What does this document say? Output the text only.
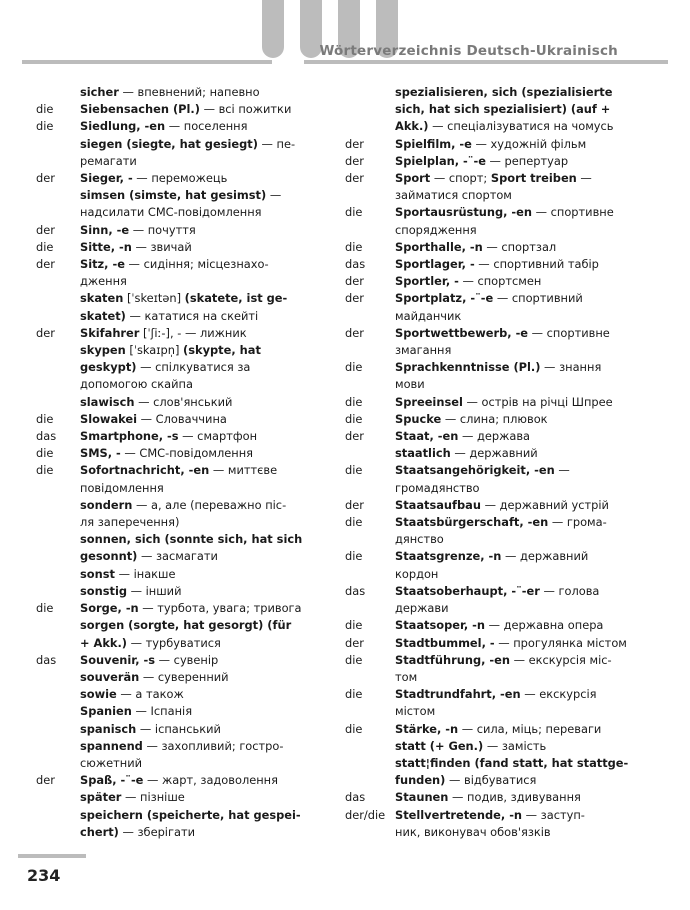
Wörterverzeichnis Deutsch-Ukrainisch
sicher — впевнений; напевно
die Siebensachen (Pl.) — всі пожитки
die Siedlung, -en — поселення
siegen (siegte, hat gesiegt) — пе-
ремагати
der Sieger, - — переможець
simsen (simste, hat gesimst) —
надсилати СМС-повідомлення
der Sinn, -e — почуття
die Sitte, -n — звичай
der Sitz, -e — сидіння; місцезнахо-
дження
skaten [ˈskeɪtən] (skatete, ist ge-
skatet) — кататися на скейті
der Skifahrer [ˈʃiː-], - — лижник
skypen [ˈskaɪpn̩] (skypte, hat
geskypt) — спілкуватися за
допомогою скайпа
slawisch — слов'янський
die Slowakei — Словаччина
das Smartphone, -s — смартфон
die SMS, - — СМС-повідомлення
die Sofortnachricht, -en — миттєве
повідомлення
sondern — а, але (переважно піс-
ля заперечення)
sonnen, sich (sonnte sich, hat sich
gesonnt) — засмагати
sonst — інакше
sonstig — інший
die Sorge, -n — турбота, увага; тривога
sorgen (sorgte, hat gesorgt) (für
+ Akk.) — турбуватися
das Souvenir, -s — сувенір
souverän — суверенний
sowie — а також
Spanien — Іспанія
spanisch — іспанський
spannend — захопливий; гостро-
сюжетний
der Spaß, -¨-e — жарт, задоволення
später — пізніше
speichern (speicherte, hat gespei-
chert) — зберігати
spezialisieren, sich (spezialisierte
sich, hat sich spezialisiert) (auf +
Akk.) — спеціалізуватися на чомусь
der	Spielfilm, -e — художній фільм
der	Spielplan, -¨-e — репертуар
der	Sport — спорт; Sport treiben —
займатися спортом
die	Sportausrüstung, -en — спортивне
спорядження
die	Sporthalle, -n — спортзал
das	Sportlager, - — спортивний табір
der	Sportler, - — спортсмен
der	Sportplatz, -¨-e — спортивний
майданчик
der	Sportwettbewerb, -e — спортивне
змагання
die	Sprachkenntnisse (Pl.) — знання
мови
die	Spreeinsel — острів на річці Шпрее
die	Spucke — слина; плювок
der	Staat, -en — держава
staatlich — державний
die	Staatsangehörigkeit, -en —
громадянство
der	Staatsaufbau — державний устрій
die	Staatsbürgerschaft, -en — грома-
дянство
die	Staatsgrenze, -n — державний
кордон
das	Staatsoberhaupt, -¨-er — голова
держави
die	Staatsoper, -n — державна опера
der	Stadtbummel, - — прогулянка містом
die	Stadtführung, -en — екскурсія міс-
том
die	Stadtrundfahrt, -en — екскурсія
містом
die	Stärke, -n — сила, міць; переваги
statt (+ Gen.) — замість
statt¦finden (fand statt, hat stattge-
funden) — відбуватися
das	Staunen — подив, здивування
der/die Stellvertretende, -n — заступ-
ник, виконувач обов'язків
234
